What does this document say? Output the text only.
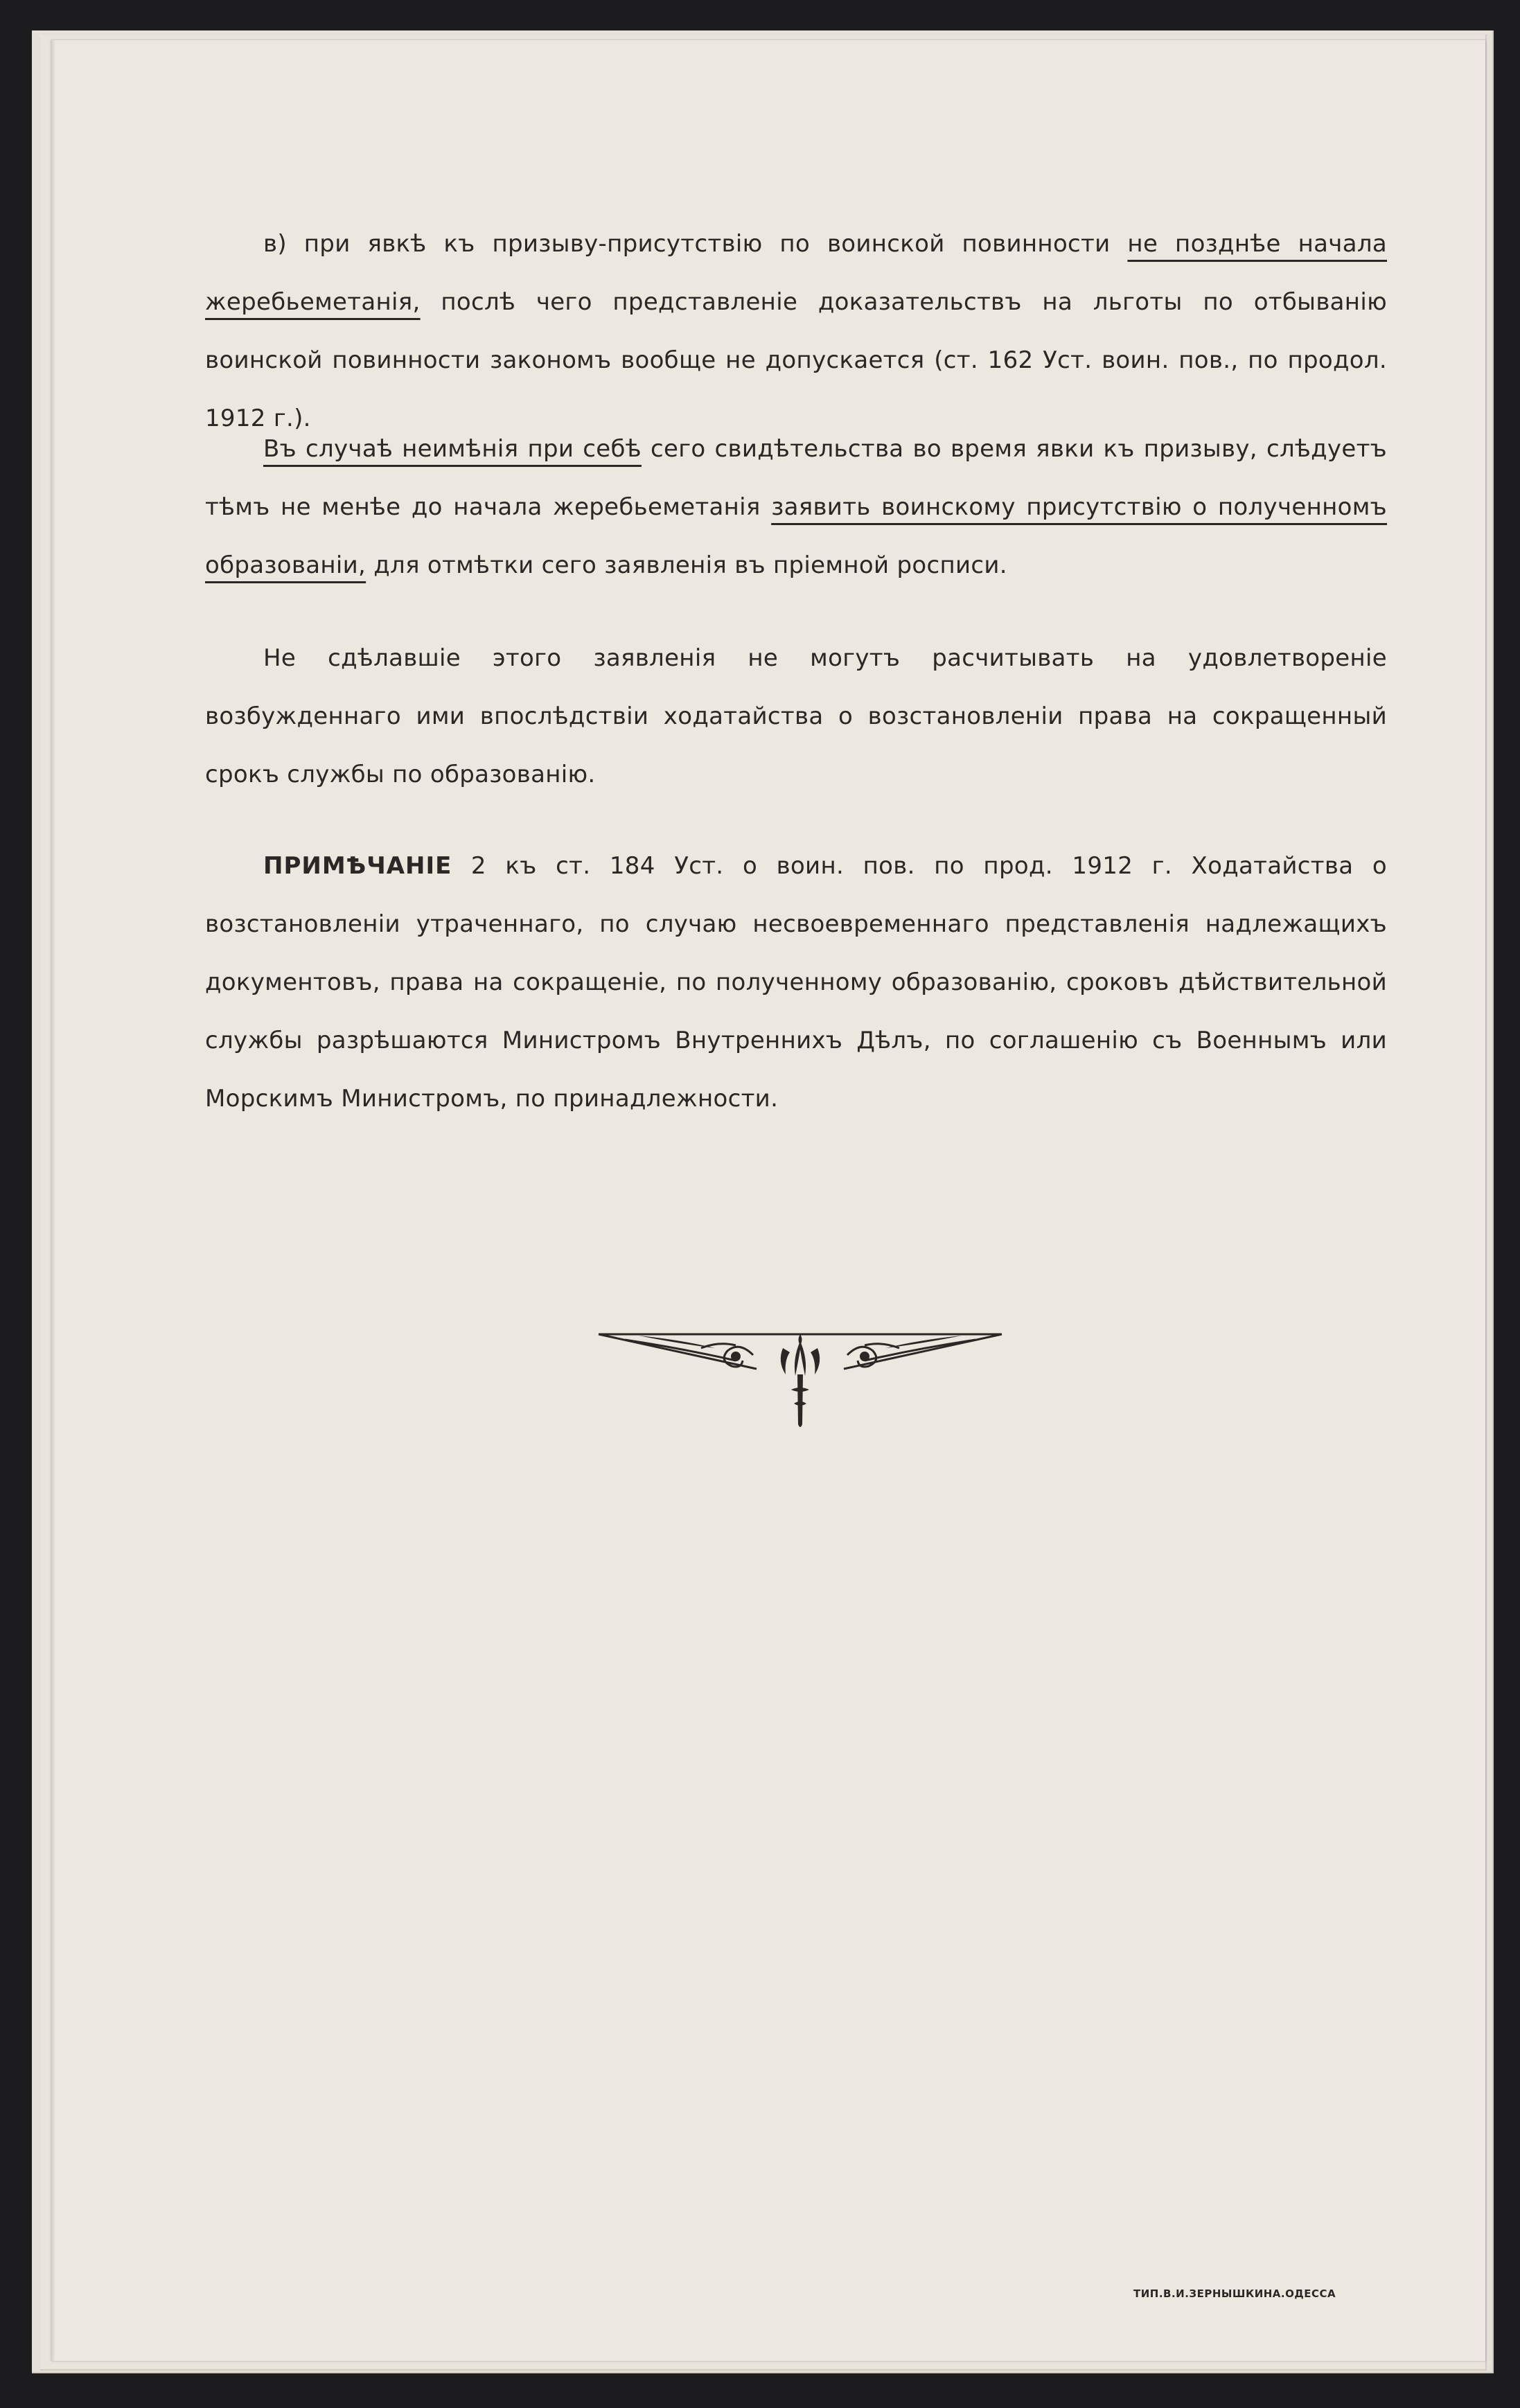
в) при явкѣ къ призыву-присутствію по воинской повинности не позднѣе начала жеребьеметанія, послѣ чего представленіе доказательствъ на льготы по отбыванію воинской повинности закономъ вообще не допускается (ст. 162 Уст. воин. пов., по продол. 1912 г.).

Въ случаѣ неимѣнія при себѣ сего свидѣтельства во время явки къ призыву, слѣдуетъ тѣмъ не менѣе до начала жеребьеметанія заявить воинскому присутствію о полученномъ образованіи, для отмѣтки сего заявленія въ пріемной росписи.

Не сдѣлавшіе этого заявленія не могутъ расчитывать на удовлетвореніе возбужденнаго ими впослѣдствіи ходатайства о возстановленіи права на сокращенный срокъ службы по образованію.

ПРИМѢЧАНІЕ 2 къ ст. 184 Уст. о воин. пов. по прод. 1912 г. Ходатайства о возстановленіи утраченнаго, по случаю несвоевременнаго представленія надлежащихъ документовъ, права на сокращеніе, по полученному образованію, сроковъ дѣйствительной службы разрѣшаются Министромъ Внутреннихъ Дѣлъ, по соглашенію съ Военнымъ или Морскимъ Министромъ, по принадлежности.

ТИП.В.И.ЗЕРНЫШКИНА.ОДЕССА
